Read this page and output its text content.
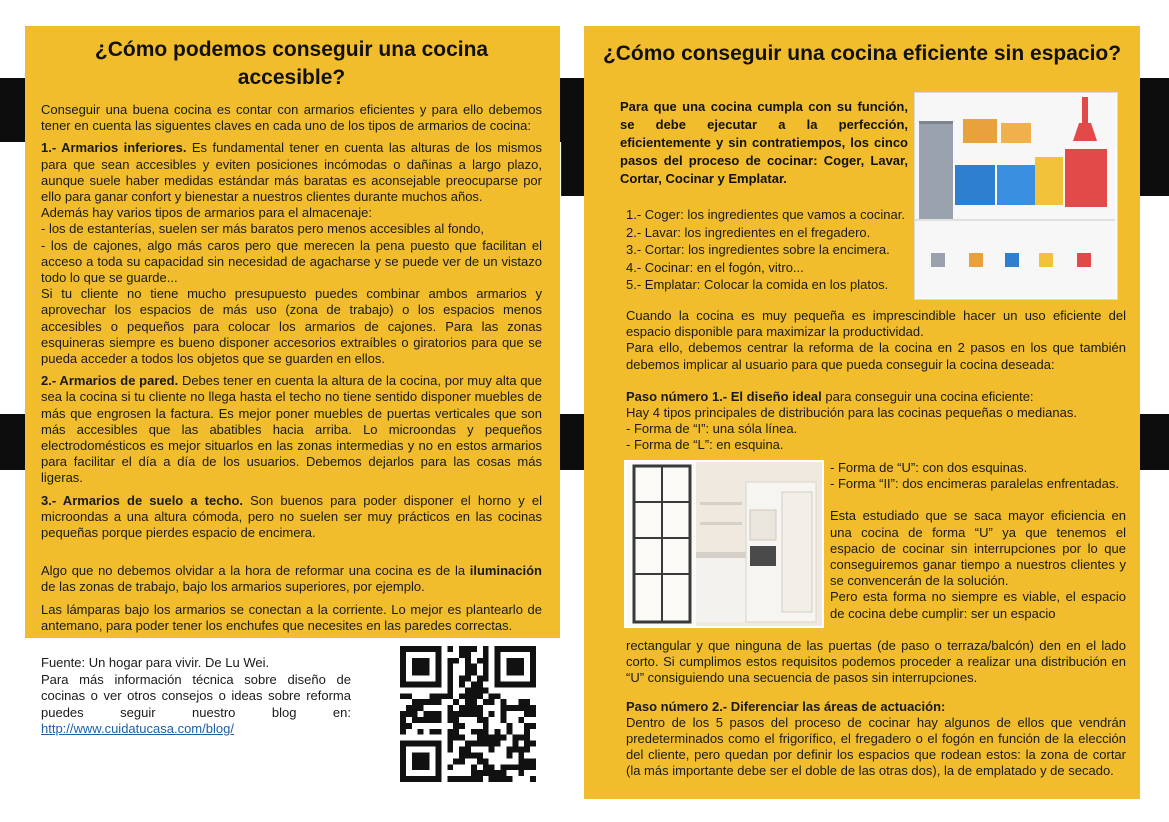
¿Cómo podemos conseguir una cocina accesible?

Conseguir una buena cocina es contar con armarios eficientes y para ello debemos tener en cuenta las siguentes claves en cada uno de los tipos de armarios de cocina:

1.- Armarios inferiores. Es fundamental tener en cuenta las alturas de los mismos para que sean accesibles y eviten posiciones incómodas o dañinas a largo plazo, aunque suele haber medidas estándar más baratas es aconsejable preocuparse por ello para ganar confort y bienestar a nuestros clientes durante muchos años.

Además hay varios tipos de armarios para el almacenaje:

- los de estanterías, suelen ser más baratos pero menos accesibles al fondo,

- los de cajones, algo más caros pero que merecen la pena puesto que facilitan el acceso a toda su capacidad sin necesidad de agacharse y se puede ver de un vistazo todo lo que se guarde...

Si tu cliente no tiene mucho presupuesto puedes combinar ambos armarios y aprovechar los espacios de más uso (zona de trabajo) o los espacios menos accesibles o pequeños para colocar los armarios de cajones. Para las zonas esquineras siempre es bueno disponer accesorios extraíbles o giratorios para que se pueda acceder a todos los objetos que se guarden en ellos.

2.- Armarios de pared. Debes tener en cuenta la altura de la cocina, por muy alta que sea la cocina si tu cliente no llega hasta el techo no tiene sentido disponer muebles de más que engrosen la factura. Es mejor poner muebles de puertas verticales que son más accesibles que las abatibles hacia arriba. Lo microondas y pequeños electrodomésticos es mejor situarlos en las zonas intermedias y no en estos armarios para facilitar el día a día de los usuarios. Debemos dejarlos para las cosas más ligeras.

3.- Armarios de suelo a techo. Son buenos para poder disponer el horno y el microondas a una altura cómoda, pero no suelen ser muy prácticos en las cocinas pequeñas porque pierdes espacio de encimera.

Algo que no debemos olvidar a la hora de reformar una cocina es de la iluminación de las zonas de trabajo, bajo los armarios superiores, por ejemplo.

Las lámparas bajo los armarios se conectan a la corriente. Lo mejor es plantearlo de antemano, para poder tener los enchufes que necesites en las paredes correctas.

Fuente: Un hogar para vivir. De Lu Wei.
Para más información técnica sobre diseño de cocinas o ver otros consejos o ideas sobre reforma puedes seguir nuestro blog en: http://www.cuidatucasa.com/blog/
¿Cómo conseguir una cocina eficiente sin espacio?

Para que una cocina cumpla con su función, se debe ejecutar a la perfección, eficientemente y sin contratiempos, los cinco pasos del proceso de cocinar: Coger, Lavar, Cortar, Cocinar y Emplatar.

1.- Coger: los ingredientes que vamos a cocinar.
2.- Lavar: los ingredientes en el fregadero.
3.- Cortar: los ingredientes sobre la encimera.
4.- Cocinar: en el fogón, vitro...
5.- Emplatar: Colocar la comida en los platos.

Cuando la cocina es muy pequeña es imprescindible hacer un uso eficiente del espacio disponible para maximizar la productividad.

Para ello, debemos centrar la reforma de la cocina en 2 pasos en los que también debemos implicar al usuario para que pueda conseguir la cocina deseada:

Paso número 1.- El diseño ideal para conseguir una cocina eficiente:

Hay 4 tipos principales de distribución para las cocinas pequeñas o medianas.

- Forma de “I”: una sóla línea.

- Forma de “L”: en esquina.

- Forma de “U”: con dos esquinas.

- Forma “II”: dos encimeras paralelas enfrentadas.

Esta estudiado que se saca mayor eficiencia en una cocina de forma “U” ya que tenemos el espacio de cocinar sin interrupciones por lo que conseguiremos ganar tiempo a nuestros clientes y se convencerán de la solución.

Pero esta forma no siempre es viable, el espacio de cocina debe cumplir: ser un espacio

rectangular y que ninguna de las puertas (de paso o terraza/balcón) den en el lado corto. Si cumplimos estos requisitos podemos proceder a realizar una distribución en “U” consiguiendo una secuencia de pasos sin interrupciones.

Paso número 2.- Diferenciar las áreas de actuación:

Dentro de los 5 pasos del proceso de cocinar hay algunos de ellos que vendrán predeterminados como el frigorífico, el fregadero o el fogón en función de la elección del cliente, pero quedan por definir los espacios que rodean estos: la zona de cortar (la más importante debe ser el doble de las otras dos), la de emplatado y de secado.
